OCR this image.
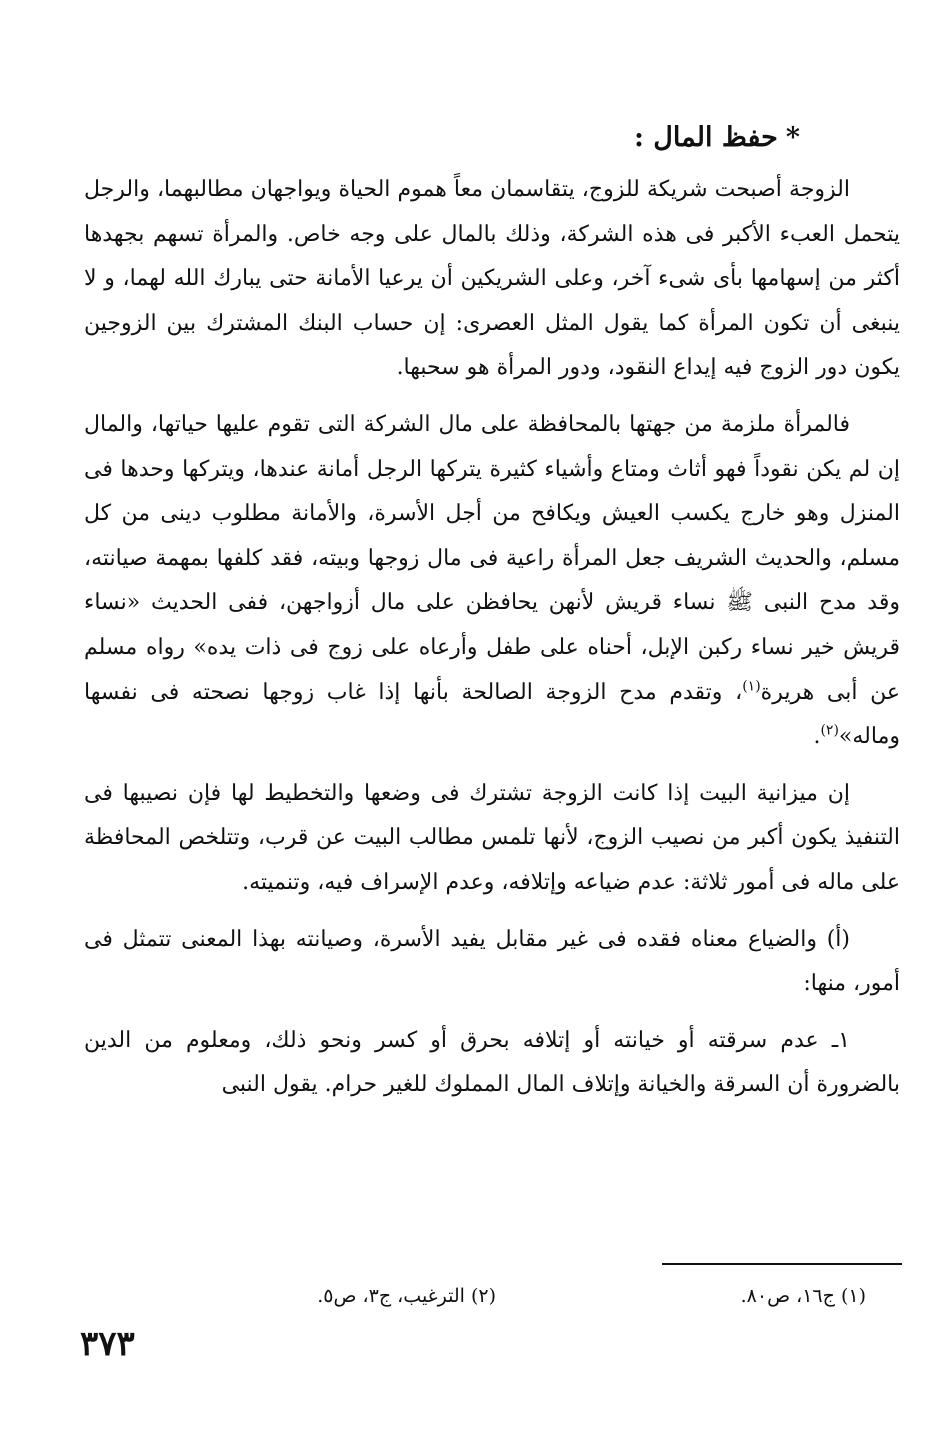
*حفظ المال :

الزوجة أصبحت شريكة للزوج، يتقاسمان معاً هموم الحياة ويواجهان مطالبهما، والرجل يتحمل العبء الأكبر فى هذه الشركة، وذلك بالمال على وجه خاص. والمرأة تسهم بجهدها أكثر من إسهامها بأى شىء آخر، وعلى الشريكين أن يرعيا الأمانة حتى يبارك الله لهما، و لا ينبغى أن تكون المرأة كما يقول المثل العصرى: إن حساب البنك المشترك بين الزوجين يكون دور الزوج فيه إيداع النقود، ودور المرأة هو سحبها.

فالمرأة ملزمة من جهتها بالمحافظة على مال الشركة التى تقوم عليها حياتها، والمال إن لم يكن نقوداً فهو أثاث ومتاع وأشياء كثيرة يتركها الرجل أمانة عندها، ويتركها وحدها فى المنزل وهو خارج يكسب العيش ويكافح من أجل الأسرة، والأمانة مطلوب دينى من كل مسلم، والحديث الشريف جعل المرأة راعية فى مال زوجها وبيته، فقد كلفها بمهمة صيانته، وقد مدح النبى ﷺ نساء قريش لأنهن يحافظن على مال أزواجهن، ففى الحديث «نساء قريش خير نساء ركبن الإبل، أحناه على طفل وأرعاه على زوج فى ذات يده» رواه مسلم عن أبى هريرة$^{(١)}$، وتقدم مدح الزوجة الصالحة بأنها إذا غاب زوجها نصحته فى نفسها وماله»$^{(٢)}$.

إن ميزانية البيت إذا كانت الزوجة تشترك فى وضعها والتخطيط لها فإن نصيبها فى التنفيذ يكون أكبر من نصيب الزوج، لأنها تلمس مطالب البيت عن قرب، وتتلخص المحافظة على ماله فى أمور ثلاثة: عدم ضياعه وإتلافه، وعدم الإسراف فيه، وتنميته.

(أ) والضياع معناه فقده فى غير مقابل يفيد الأسرة، وصيانته بهذا المعنى تتمثل فى أمور، منها:

١ـ عدم سرقته أو خيانته أو إتلافه بحرق أو كسر ونحو ذلك، ومعلوم من الدين بالضرورة أن السرقة والخيانة وإتلاف المال المملوك للغير حرام. يقول النبى

(١) ج١٦، ص٨٠.
(٢) الترغيب، ج٣، ص٥.
٣٧٣
